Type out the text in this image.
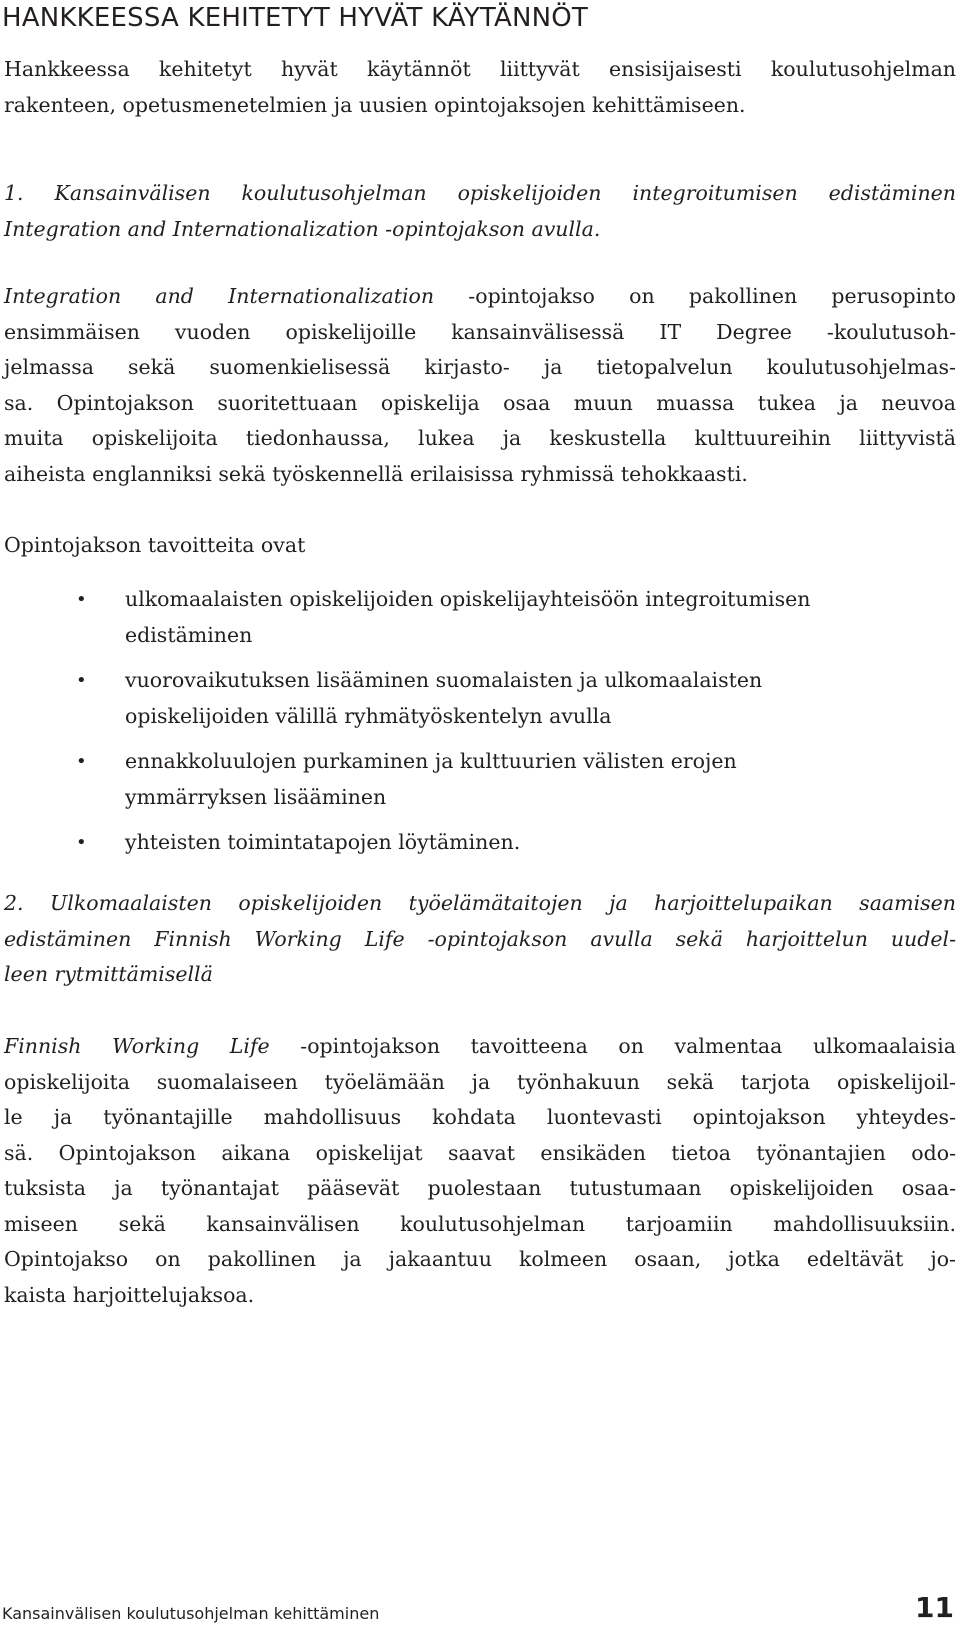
HANKKEESSA KEHITETYT HYVÄT KÄYTÄNNÖT

Hankkeessa kehitetyt hyvät käytännöt liittyvät ensisijaisesti koulutusohjelman
rakenteen, opetusmenetelmien ja uusien opintojaksojen kehittämiseen.

1. Kansainvälisen koulutusohjelman opiskelijoiden integroitumisen edistäminen
Integration and Internationalization -opintojakson avulla.

Integration and Internationalization -opintojakso on pakollinen perusopinto
ensimmäisen vuoden opiskelijoille kansainvälisessä IT Degree -koulutusoh-
jelmassa sekä suomenkielisessä kirjasto- ja tietopalvelun koulutusohjelmas-
sa. Opintojakson suoritettuaan opiskelija osaa muun muassa tukea ja neuvoa
muita opiskelijoita tiedonhaussa, lukea ja keskustella kulttuureihin liittyvistä
aiheista englanniksi sekä työskennellä erilaisissa ryhmissä tehokkaasti.

Opintojakson tavoitteita ovat

• ulkomaalaisten opiskelijoiden opiskelijayhteisöön integroitumisen
edistäminen
• vuorovaikutuksen lisääminen suomalaisten ja ulkomaalaisten
opiskelijoiden välillä ryhmätyöskentelyn avulla
• ennakkoluulojen purkaminen ja kulttuurien välisten erojen
ymmärryksen lisääminen
• yhteisten toimintatapojen löytäminen.

2. Ulkomaalaisten opiskelijoiden työelämätaitojen ja harjoittelupaikan saamisen
edistäminen Finnish Working Life -opintojakson avulla sekä harjoittelun uudel-
leen rytmittämisellä

Finnish Working Life -opintojakson tavoitteena on valmentaa ulkomaalaisia
opiskelijoita suomalaiseen työelämään ja työnhakuun sekä tarjota opiskelijoil-
le ja työnantajille mahdollisuus kohdata luontevasti opintojakson yhteydes-
sä. Opintojakson aikana opiskelijat saavat ensikäden tietoa työnantajien odo-
tuksista ja työnantajat pääsevät puolestaan tutustumaan opiskelijoiden osaa-
miseen sekä kansainvälisen koulutusohjelman tarjoamiin mahdollisuuksiin.
Opintojakso on pakollinen ja jakaantuu kolmeen osaan, jotka edeltävät jo-
kaista harjoittelujaksoa.

Kansainvälisen koulutusohjelman kehittäminen	11
